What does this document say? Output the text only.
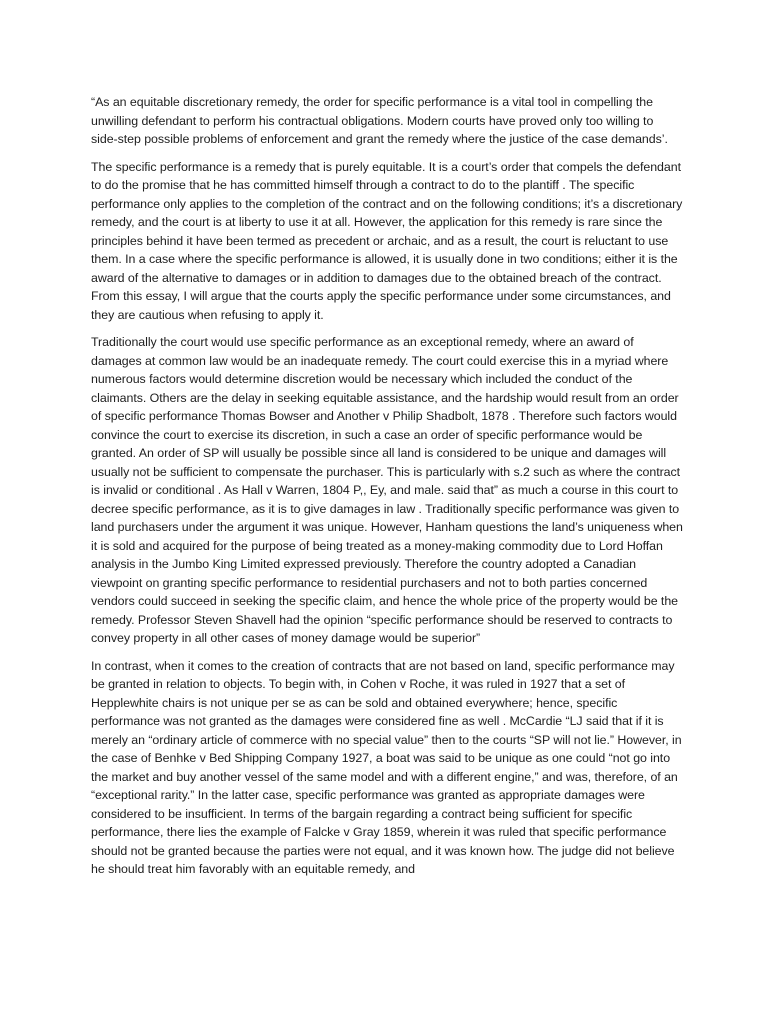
“As an equitable discretionary remedy, the order for specific performance is a vital tool in compelling the unwilling defendant to perform his contractual obligations. Modern courts have proved only too willing to side-step possible problems of enforcement and grant the remedy where the justice of the case demands’.

The specific performance is a remedy that is purely equitable. It is a court’s order that compels the defendant to do the promise that he has committed himself through a contract to do to the plantiff . The specific performance only applies to the completion of the contract and on the following conditions; it’s a discretionary remedy, and the court is at liberty to use it at all. However, the application for this remedy is rare since the principles behind it have been termed as precedent or archaic, and as a result, the court is reluctant to use them. In a case where the specific performance is allowed, it is usually done in two conditions; either it is the award of the alternative to damages or in addition to damages due to the obtained breach of the contract. From this essay, I will argue that the courts apply the specific performance under some circumstances, and they are cautious when refusing to apply it.

Traditionally the court would use specific performance as an exceptional remedy, where an award of damages at common law would be an inadequate remedy. The court could exercise this in a myriad where numerous factors would determine discretion would be necessary which included the conduct of the claimants. Others are the delay in seeking equitable assistance, and the hardship would result from an order of specific performance Thomas Bowser and Another v Philip Shadbolt, 1878 . Therefore such factors would convince the court to exercise its discretion, in such a case an order of specific performance would be granted. An order of SP will usually be possible since all land is considered to be unique and damages will usually not be sufficient to compensate the purchaser. This is particularly with s.2 such as where the contract is invalid or conditional . As Hall v Warren, 1804 P,, Ey, and male. said that” as much a course in this court to decree specific performance, as it is to give damages in law . Traditionally specific performance was given to land purchasers under the argument it was unique. However, Hanham questions the land’s uniqueness when it is sold and acquired for the purpose of being treated as a money-making commodity due to Lord Hoffan analysis in the Jumbo King Limited expressed previously. Therefore the country adopted a Canadian viewpoint on granting specific performance to residential purchasers and not to both parties concerned vendors could succeed in seeking the specific claim, and hence the whole price of the property would be the remedy. Professor Steven Shavell had the opinion “specific performance should be reserved to contracts to convey property in all other cases of money damage would be superior”

In contrast, when it comes to the creation of contracts that are not based on land, specific performance may be granted in relation to objects. To begin with, in Cohen v Roche, it was ruled in 1927 that a set of Hepplewhite chairs is not unique per se as can be sold and obtained everywhere; hence, specific performance was not granted as the damages were considered fine as well . McCardie “LJ said that if it is merely an “ordinary article of commerce with no special value” then to the courts “SP will not lie.” However, in the case of Benhke v Bed Shipping Company 1927, a boat was said to be unique as one could “not go into the market and buy another vessel of the same model and with a different engine,” and was, therefore, of an “exceptional rarity.” In the latter case, specific performance was granted as appropriate damages were considered to be insufficient. In terms of the bargain regarding a contract being sufficient for specific performance, there lies the example of Falcke v Gray 1859, wherein it was ruled that specific performance should not be granted because the parties were not equal, and it was known how. The judge did not believe he should treat him favorably with an equitable remedy, and
